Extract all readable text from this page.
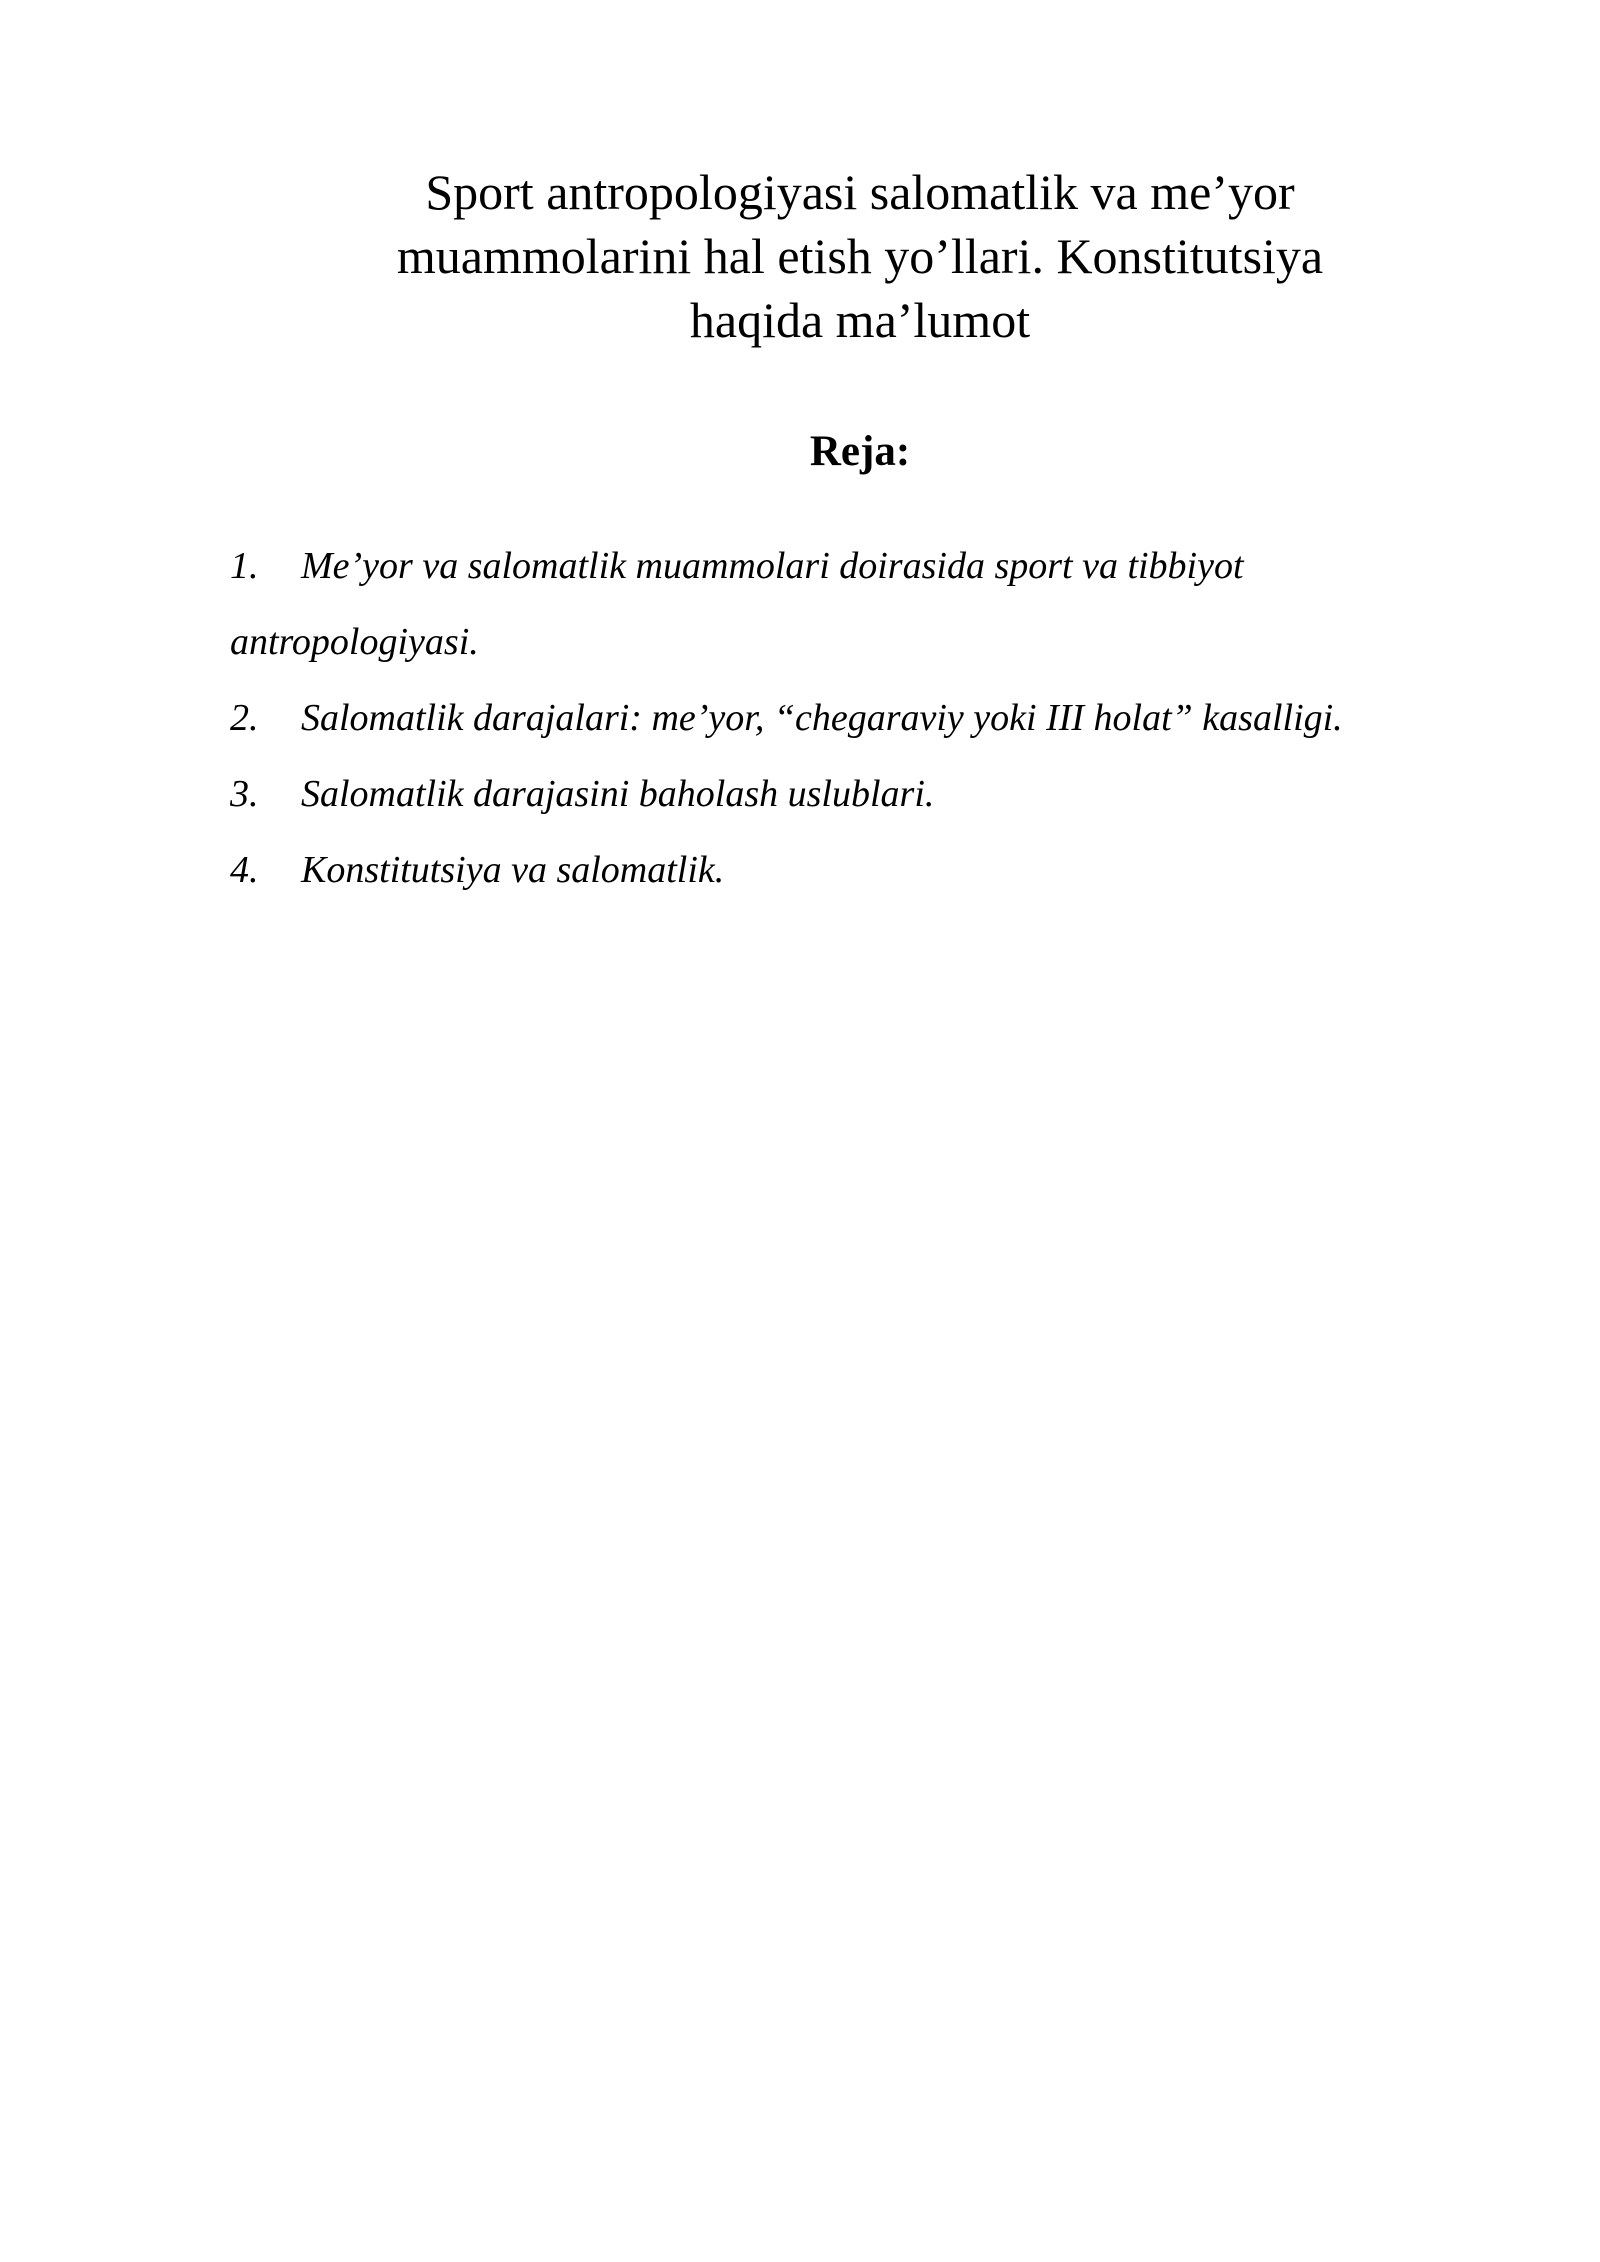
Sport antropologiyasi salomatlik va me’yor
muammolarini hal etish yo’llari. Konstitutsiya
haqida ma’lumot
Reja:
1. Me’yor va salomatlik muammolari doirasida sport va tibbiyot
antropologiyasi.
2. Salomatlik darajalari: me’yor, “chegaraviy yoki III holat” kasalligi.
3. Salomatlik darajasini baholash uslublari.
4. Konstitutsiya va salomatlik.
